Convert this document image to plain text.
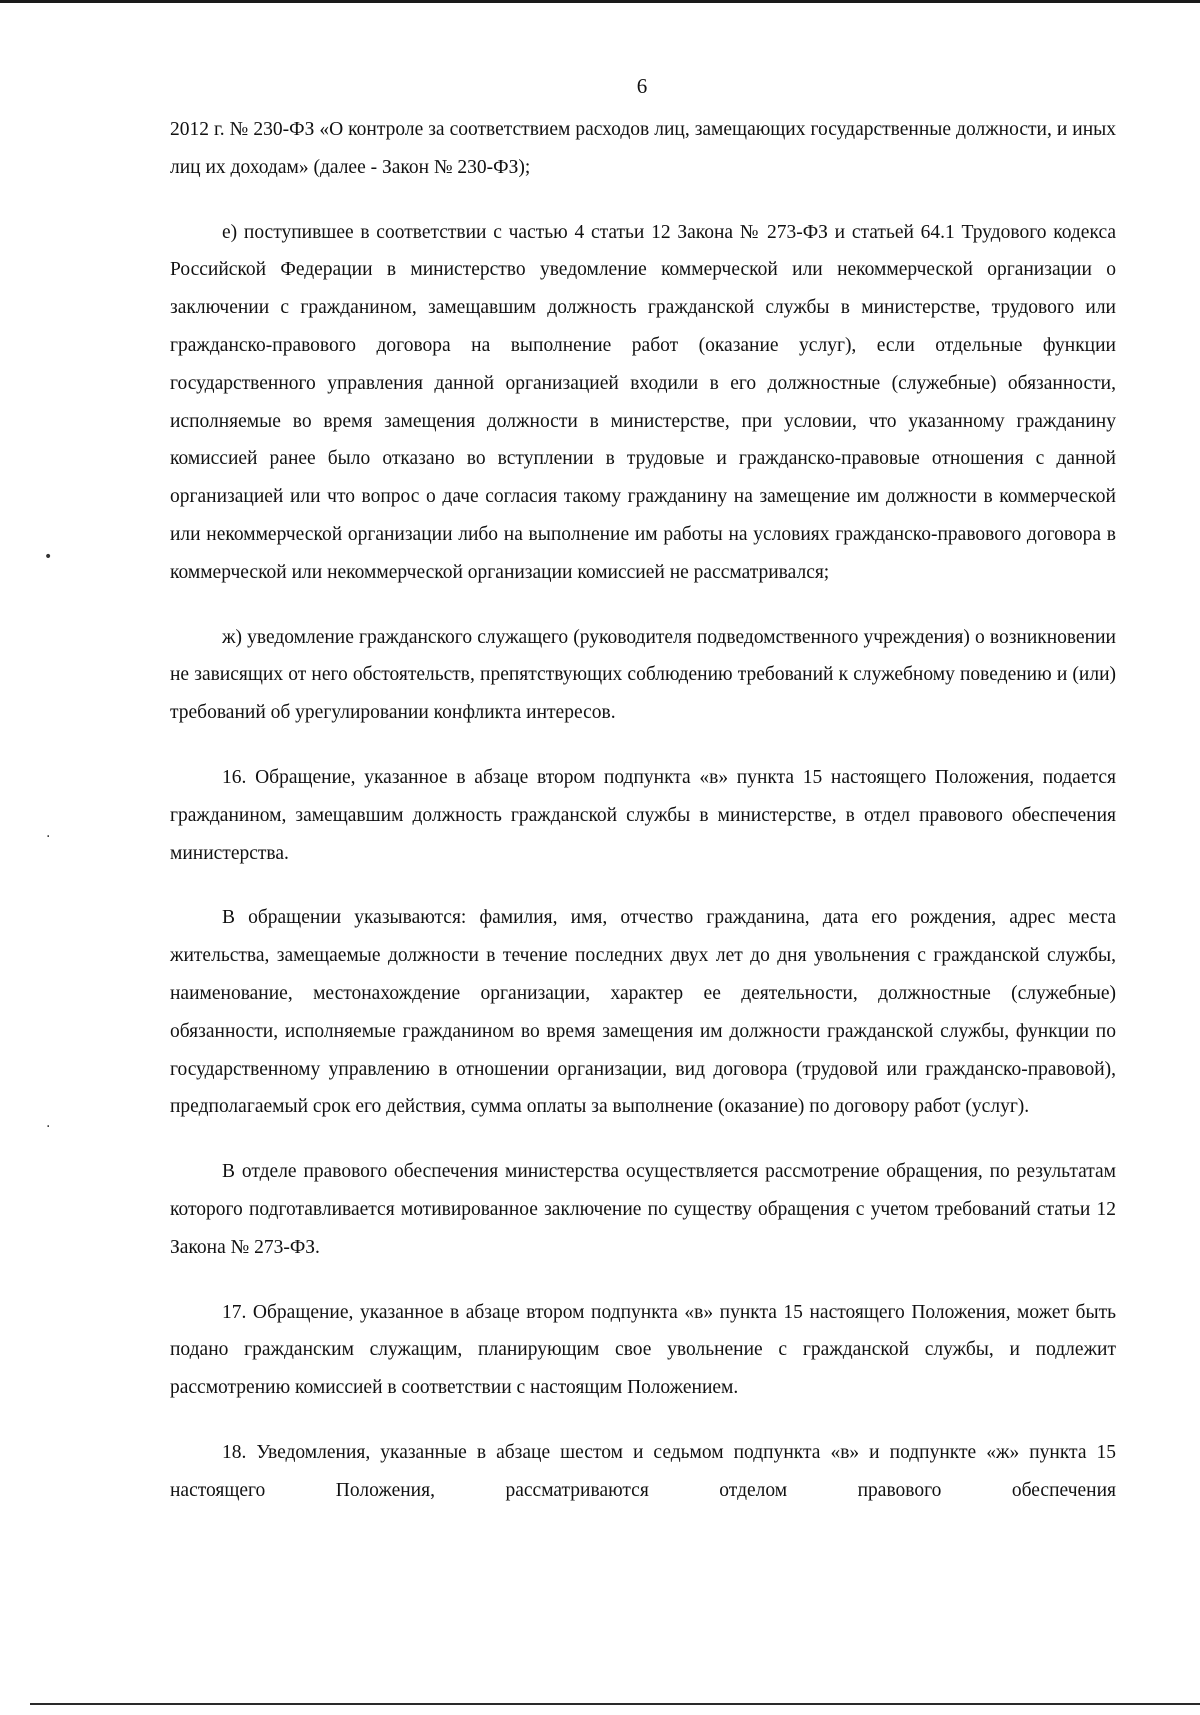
6

2012 г. № 230-ФЗ «О контроле за соответствием расходов лиц, замещающих государственные должности, и иных лиц их доходам» (далее - Закон № 230-ФЗ);

е) поступившее в соответствии с частью 4 статьи 12 Закона № 273-ФЗ и статьей 64.1 Трудового кодекса Российской Федерации в министерство уведомление коммерческой или некоммерческой организации о заключении с гражданином, замещавшим должность гражданской службы в министерстве, трудового или гражданско-правового договора на выполнение работ (оказание услуг), если отдельные функции государственного управления данной организацией входили в его должностные (служебные) обязанности, исполняемые во время замещения должности в министерстве, при условии, что указанному гражданину комиссией ранее было отказано во вступлении в трудовые и гражданско-правовые отношения с данной организацией или что вопрос о даче согласия такому гражданину на замещение им должности в коммерческой или некоммерческой организации либо на выполнение им работы на условиях гражданско-правового договора в коммерческой или некоммерческой организации комиссией не рассматривался;

ж) уведомление гражданского служащего (руководителя подведомственного учреждения) о возникновении не зависящих от него обстоятельств, препятствующих соблюдению требований к служебному поведению и (или) требований об урегулировании конфликта интересов.

16. Обращение, указанное в абзаце втором подпункта «в» пункта 15 настоящего Положения, подается гражданином, замещавшим должность гражданской службы в министерстве, в отдел правового обеспечения министерства.

В обращении указываются: фамилия, имя, отчество гражданина, дата его рождения, адрес места жительства, замещаемые должности в течение последних двух лет до дня увольнения с гражданской службы, наименование, местонахождение организации, характер ее деятельности, должностные (служебные) обязанности, исполняемые гражданином во время замещения им должности гражданской службы, функции по государственному управлению в отношении организации, вид договора (трудовой или гражданско-правовой), предполагаемый срок его действия, сумма оплаты за выполнение (оказание) по договору работ (услуг).

В отделе правового обеспечения министерства осуществляется рассмотрение обращения, по результатам которого подготавливается мотивированное заключение по существу обращения с учетом требований статьи 12 Закона № 273-ФЗ.

17. Обращение, указанное в абзаце втором подпункта «в» пункта 15 настоящего Положения, может быть подано гражданским служащим, планирующим свое увольнение с гражданской службы, и подлежит рассмотрению комиссией в соответствии с настоящим Положением.

18. Уведомления, указанные в абзаце шестом и седьмом подпункта «в» и подпункте «ж» пункта 15 настоящего Положения, рассматриваются отделом правового обеспечения

•
·
·
